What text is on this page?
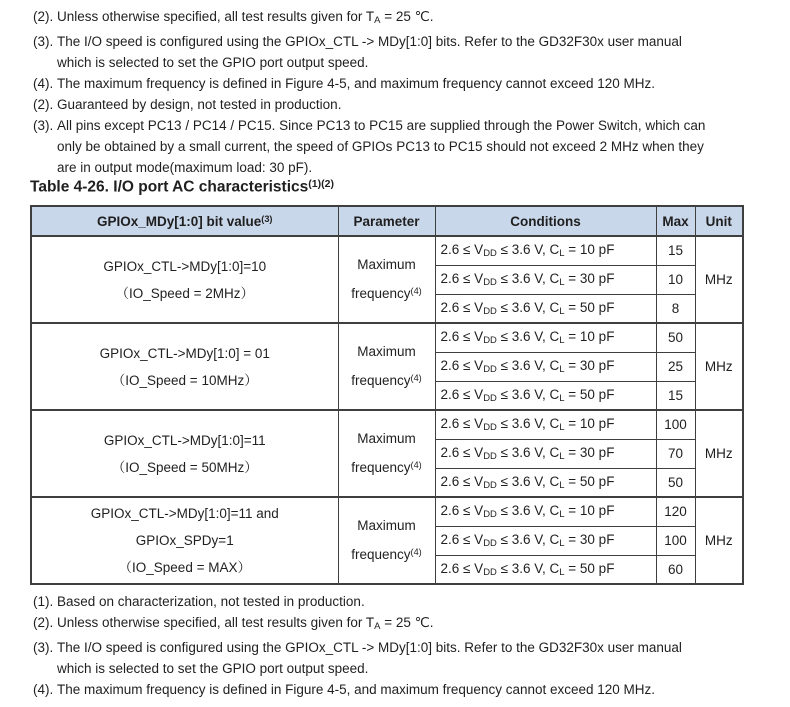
(2). Unless otherwise specified, all test results given for $T_A = 25$ ℃.
(3). The I/O speed is configured using the GPIOx_CTL -> MDy[1:0] bits. Refer to the GD32F30x user manual
which is selected to set the GPIO port output speed.
(4). The maximum frequency is defined in Figure 4-5, and maximum frequency cannot exceed 120 MHz.
(2). Guaranteed by design, not tested in production.
(3). All pins except PC13 / PC14 / PC15. Since PC13 to PC15 are supplied through the Power Switch, which can
only be obtained by a small current, the speed of GPIOs PC13 to PC15 should not exceed 2 MHz when they
are in output mode(maximum load: 30 pF).
Table 4-26. I/O port AC characteristics$^{(1)(2)}$
GPIOx_MDy[1:0] bit value$^{(3)}$	Parameter	Conditions	Max	Unit

GPIOx_CTL->MDy[1:0]=10
（IO_Speed = 2MHz）	Maximum frequency$^{(4)}$	$2.6 \le V_{DD} \le 3.6$ V, $C_L = 10$ pF	15	MHz
		$2.6 \le V_{DD} \le 3.6$ V, $C_L = 30$ pF	10	
		$2.6 \le V_{DD} \le 3.6$ V, $C_L = 50$ pF	8	

GPIOx_CTL->MDy[1:0] = 01
（IO_Speed = 10MHz）	Maximum frequency$^{(4)}$	$2.6 \le V_{DD} \le 3.6$ V, $C_L = 10$ pF	50	MHz
		$2.6 \le V_{DD} \le 3.6$ V, $C_L = 30$ pF	25	
		$2.6 \le V_{DD} \le 3.6$ V, $C_L = 50$ pF	15	

GPIOx_CTL->MDy[1:0]=11
（IO_Speed = 50MHz）	Maximum frequency$^{(4)}$	$2.6 \le V_{DD} \le 3.6$ V, $C_L = 10$ pF	100	MHz
		$2.6 \le V_{DD} \le 3.6$ V, $C_L = 30$ pF	70	
		$2.6 \le V_{DD} \le 3.6$ V, $C_L = 50$ pF	50	

GPIOx_CTL->MDy[1:0]=11 and
GPIOx_SPDy=1
（IO_Speed = MAX）	Maximum frequency$^{(4)}$	$2.6 \le V_{DD} \le 3.6$ V, $C_L = 10$ pF	120	MHz
		$2.6 \le V_{DD} \le 3.6$ V, $C_L = 30$ pF	100	
		$2.6 \le V_{DD} \le 3.6$ V, $C_L = 50$ pF	60	
(1). Based on characterization, not tested in production.
(2). Unless otherwise specified, all test results given for $T_A = 25$ ℃.
(3). The I/O speed is configured using the GPIOx_CTL -> MDy[1:0] bits. Refer to the GD32F30x user manual
which is selected to set the GPIO port output speed.
(4). The maximum frequency is defined in Figure 4-5, and maximum frequency cannot exceed 120 MHz.
